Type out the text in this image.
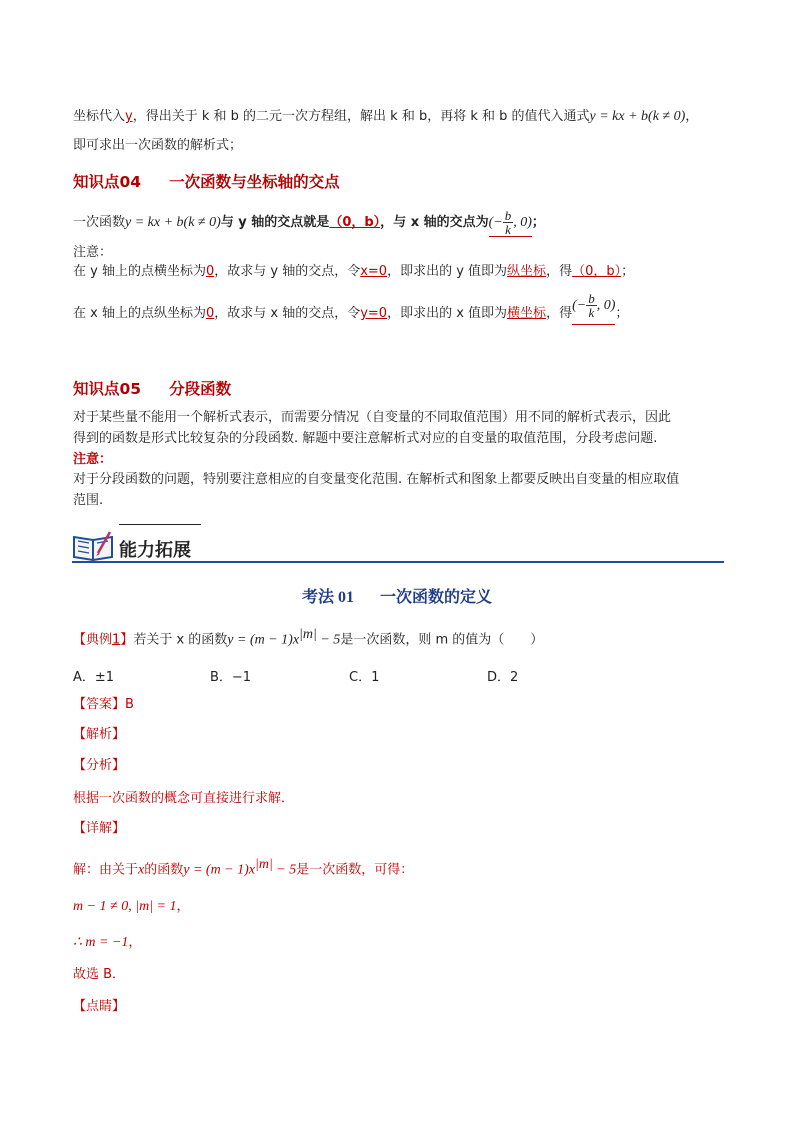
坐标代入y，得出关于 k 和 b 的二元一次方程组，解出 k 和 b，再将 k 和 b 的值代入通式y = kx + b(k ≠ 0)，
即可求出一次函数的解析式；
知识点04 一次函数与坐标轴的交点
一次函数y = kx + b(k ≠ 0)与 y 轴的交点就是（0，b），与 x 轴的交点为(− $\frac{b}{k}$ , 0)；
注意：
在 y 轴上的点横坐标为0，故求与 y 轴的交点，令x=0，即求出的 y 值即为纵坐标，得（0，b）；
在 x 轴上的点纵坐标为0，故求与 x 轴的交点，令y=0，即求出的 x 值即为横坐标，得(− $\frac{b}{k}$ , 0)；
知识点05 分段函数
对于某些量不能用一个解析式表示，而需要分情况（自变量的不同取值范围）用不同的解析式表示，因此
得到的函数是形式比较复杂的分段函数. 解题中要注意解析式对应的自变量的取值范围，分段考虑问题.
注意：
对于分段函数的问题，特别要注意相应的自变量变化范围. 在解析式和图象上都要反映出自变量的相应取值
范围.
能力拓展
考法 01 一次函数的定义
【典例1】若关于 x 的函数$y = (m - 1)x^{|m|} - 5$是一次函数，则 m 的值为（　　）
A．±1	B．−1	C．1	D．2
【答案】B
【解析】
【分析】
根据一次函数的概念可直接进行求解．
【详解】
解：由关于x的函数$y = (m - 1)x^{|m|} - 5$是一次函数，可得：
m − 1 ≠ 0, |m| = 1，
∴ m = −1，
故选 B．
【点睛】
